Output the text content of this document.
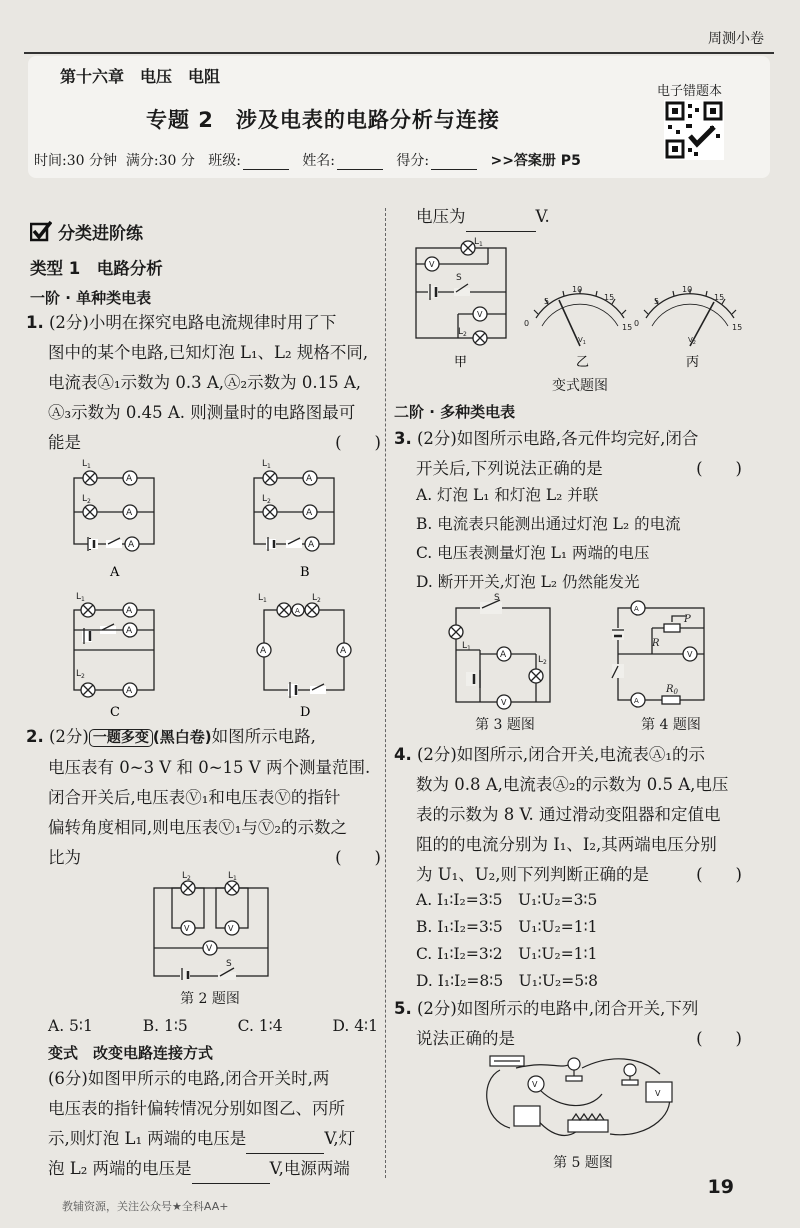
周测小卷
第十六章　电压　电阻
专题 2　涉及电表的电路分析与连接
电子错题本
时间:30 分钟 满分:30 分 班级:	姓名:	得分:	>>答案册 P5
分类进阶练
类型 1　电路分析
一阶 · 单种类电表
1. (2分)小明在探究电路电流规律时用了下
图中的某个电路,已知灯泡 L₁、L₂ 规格不同,
电流表Ⓐ₁示数为 0.3 A,Ⓐ₂示数为 0.15 A,
Ⓐ₃示数为 0.45 A. 则测量时的电路图最可
能是	(　　)
$L_1$
$L_2$
A
A
A
A
$L_1$
$L_2$
A
A
A
B
$L_1$
$L_2$
A
A
A
C
$L_1$	$L_2$
A
A	A
D
2. (2分) 一题多变 (黑白卷)如图所示电路,
电压表有 0~3 V 和 0~15 V 两个测量范围.
闭合开关后,电压表Ⓥ₁和电压表Ⓥ的指针
偏转角度相同,则电压表Ⓥ₁与Ⓥ₂的示数之
比为	(　　)
$L_2$	$L_1$
V	V
V
S
第 2 题图
A. 5∶1	B. 1∶5	C. 1∶4	D. 4∶1
变式　改变电路连接方式
(6分)如图甲所示的电路,闭合开关时,两
电压表的指针偏转情况分别如图乙、丙所
示,则灯泡 L₁ 两端的电压是	V,灯
泡 L₂ 两端的电压是	V,电源两端
电压为	V.
$L_1$
V
S
V
$L_2$
甲
5
10
15
0	15
$V_1$
乙
5
10
15
0	15
$V_2$
丙
变式题图
二阶 · 多种类电表
3. (2分)如图所示电路,各元件均完好,闭合
开关后,下列说法正确的是	(　　)
A. 灯泡 L₁ 和灯泡 L₂ 并联
B. 电流表只能测出通过灯泡 L₂ 的电流
C. 电压表测量灯泡 L₁ 两端的电压
D. 断开开关,灯泡 L₂ 仍然能发光
S
$L_1$
A	$L_2$
V
第 3 题图
A
R
P
V
A
$R_0$
第 4 题图
4. (2分)如图所示,闭合开关,电流表Ⓐ₁的示
数为 0.8 A,电流表Ⓐ₂的示数为 0.5 A,电压
表的示数为 8 V. 通过滑动变阻器和定值电
阻的的电流分别为 I₁、I₂,其两端电压分别
为 U₁、U₂,则下列判断正确的是	(　　)
A. I₁∶I₂=3∶5　U₁∶U₂=3∶5
B. I₁∶I₂=3∶5　U₁∶U₂=1∶1
C. I₁∶I₂=3∶2　U₁∶U₂=1∶1
D. I₁∶I₂=8∶5　U₁∶U₂=5∶8
5. (2分)如图所示的电路中,闭合开关,下列
说法正确的是	(　　)
V
V
第 5 题图
19
教辅资源，关注公众号★全科AA+
